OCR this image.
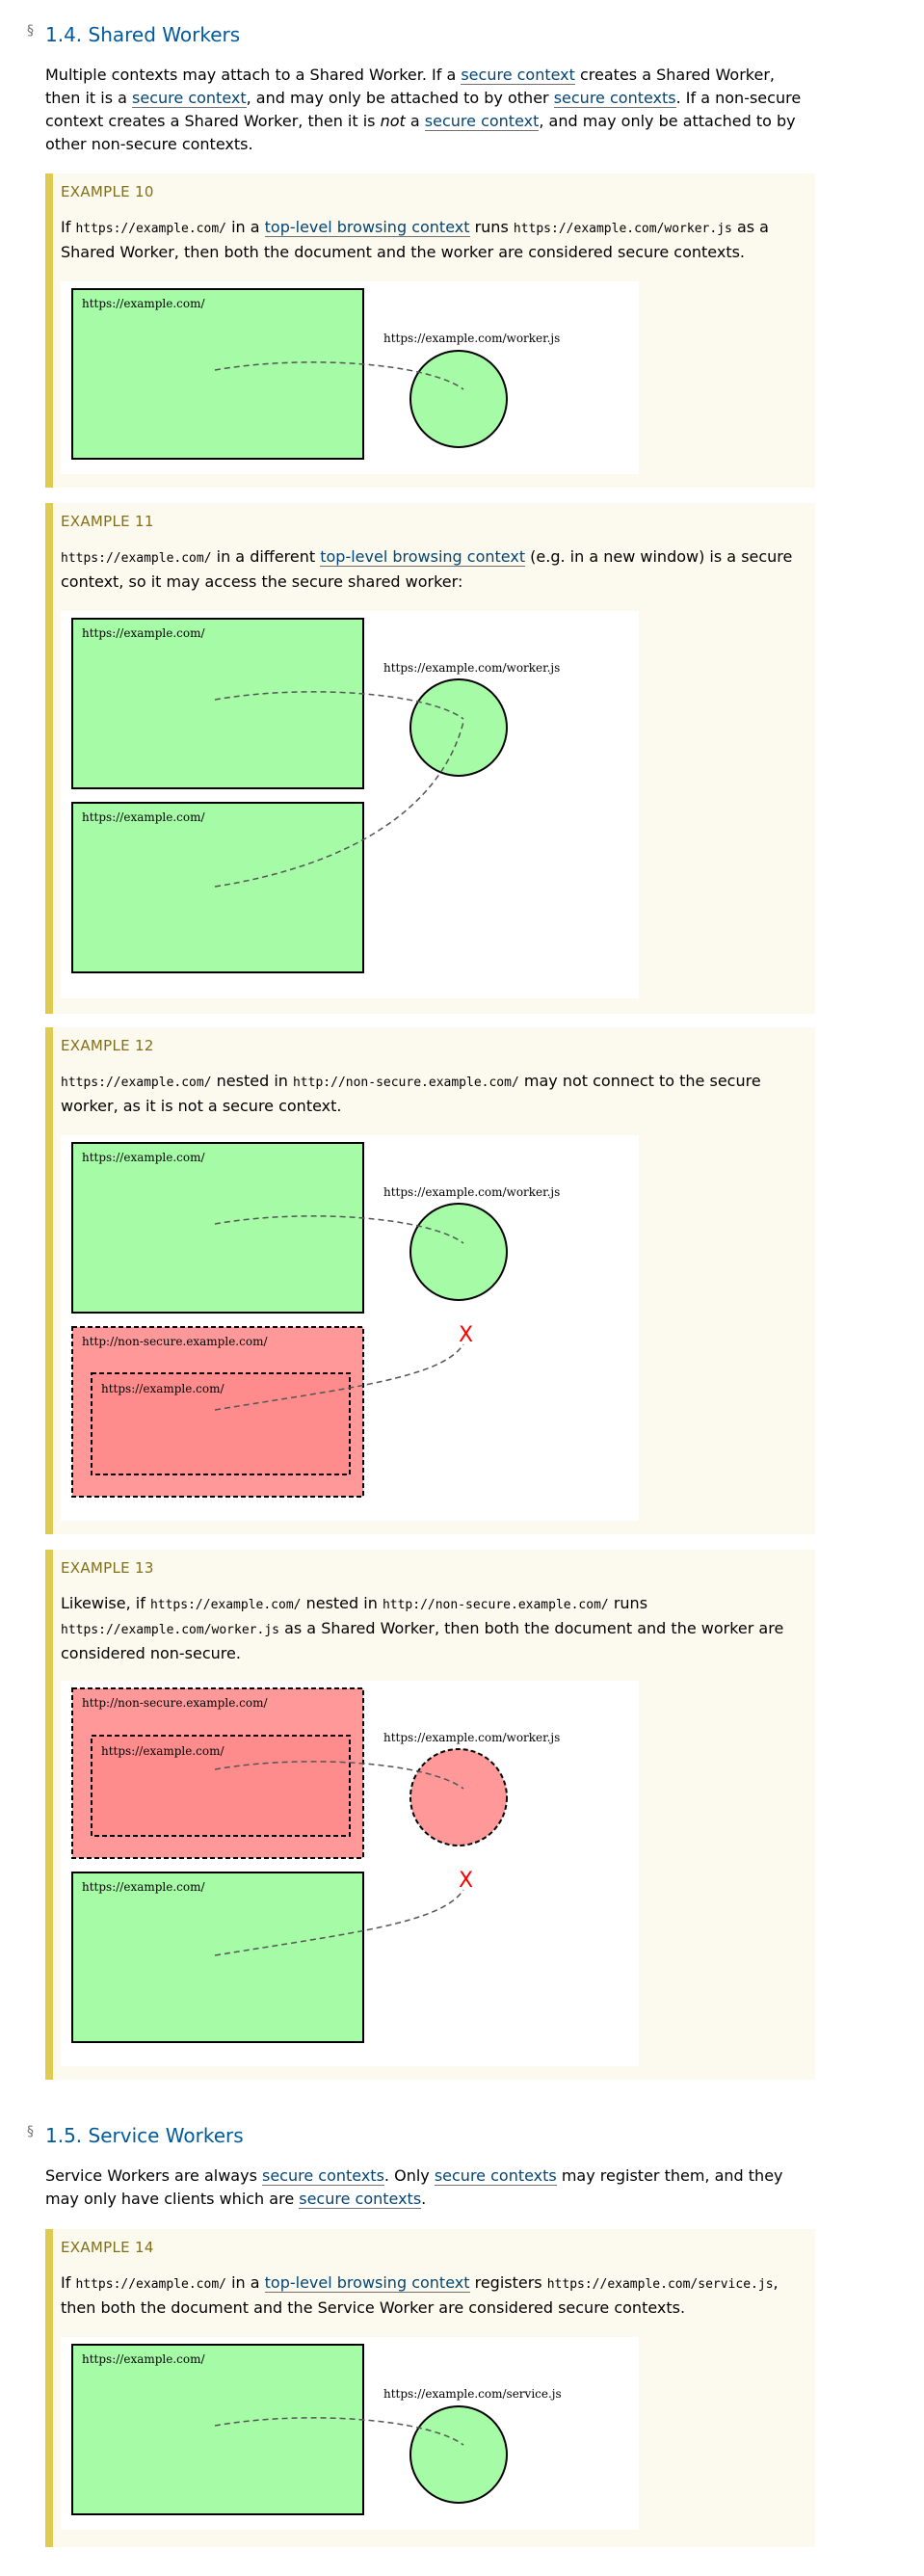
§ 1.4. Shared Workers

Multiple contexts may attach to a Shared Worker. If a secure context creates a Shared Worker, then it is a secure context, and may only be attached to by other secure contexts. If a non-secure context creates a Shared Worker, then it is not a secure context, and may only be attached to by other non-secure contexts.

EXAMPLE 10

If https://example.com/ in a top-level browsing context runs https://example.com/worker.js as a Shared Worker, then both the document and the worker are considered secure contexts.

https://example.com/
https://example.com/worker.js
EXAMPLE 11

https://example.com/ in a different top-level browsing context (e.g. in a new window) is a secure context, so it may access the secure shared worker:

https://example.com/
https://example.com/
https://example.com/worker.js
EXAMPLE 12

https://example.com/ nested in http://non-secure.example.com/ may not connect to the secure worker, as it is not a secure context.

https://example.com/
https://example.com/worker.js
http://non-secure.example.com/
https://example.com/
X
EXAMPLE 13

Likewise, if https://example.com/ nested in http://non-secure.example.com/ runs https://example.com/worker.js as a Shared Worker, then both the document and the worker are considered non-secure.

http://non-secure.example.com/
https://example.com/
https://example.com/worker.js
https://example.com/	X
§ 1.5. Service Workers

Service Workers are always secure contexts. Only secure contexts may register them, and they may only have clients which are secure contexts.

EXAMPLE 14

If https://example.com/ in a top-level browsing context registers https://example.com/service.js, then both the document and the Service Worker are considered secure contexts.

https://example.com/
https://example.com/service.js
